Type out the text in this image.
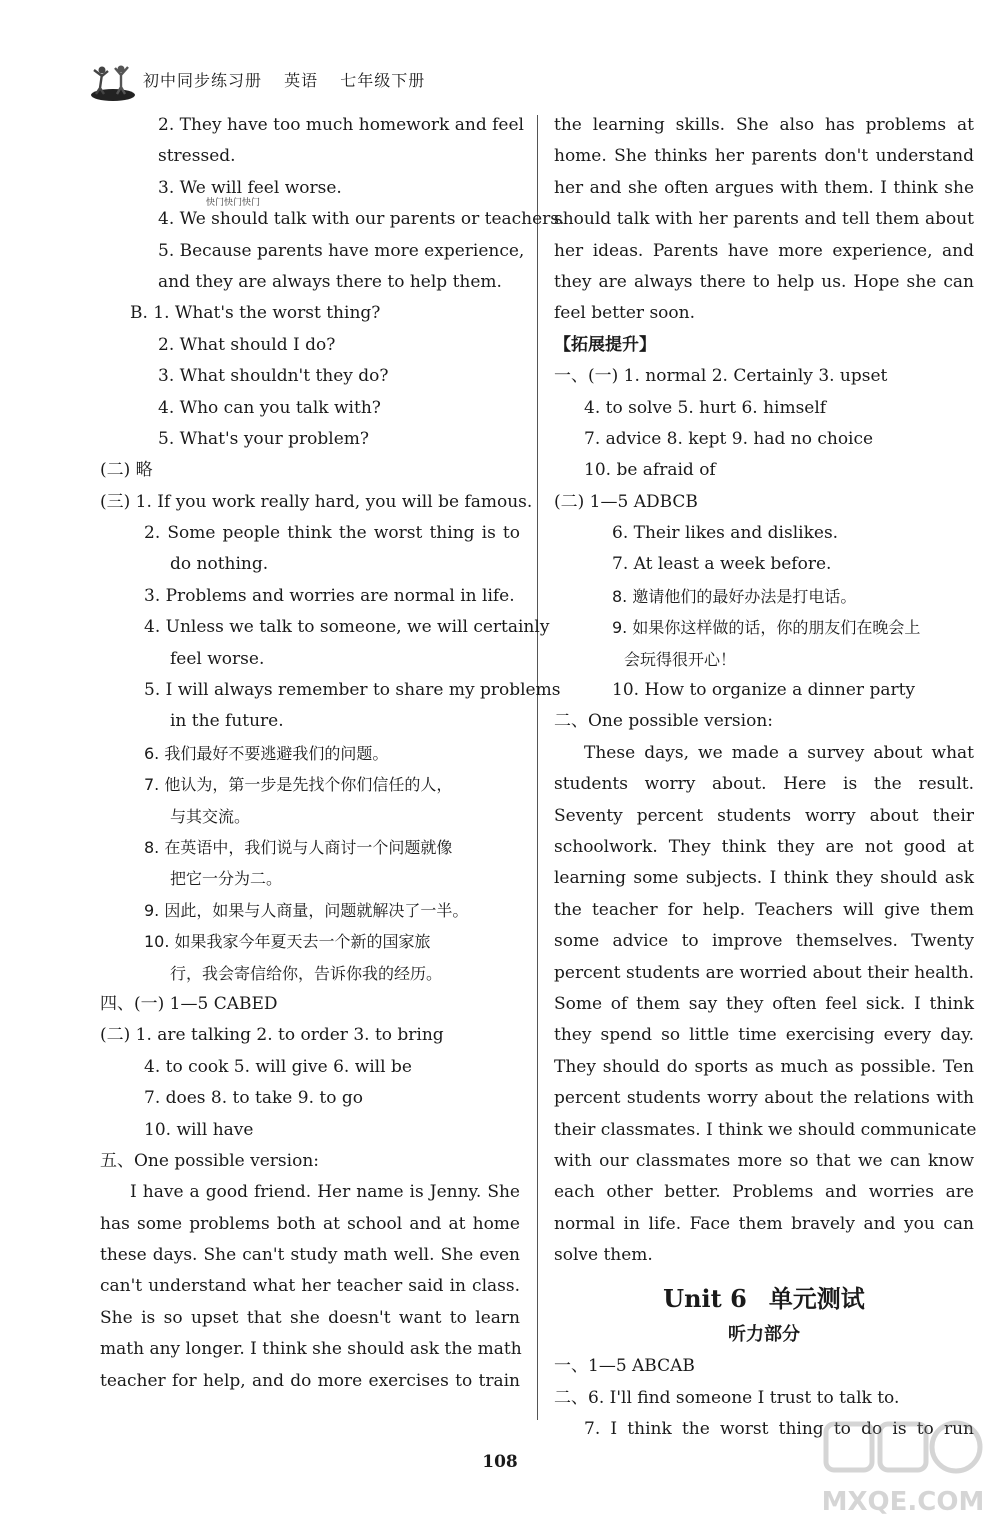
初中同步练习册 英语 七年级下册
2. They have too much homework and feel
stressed.
3. We will feel worse.
4. We should talk with our parents or teachers.
5. Because parents have more experience,
and they are always there to help them.
B. 1. What's the worst thing?
2. What should I do?
3. What shouldn't they do?
4. Who can you talk with?
5. What's your problem?
(二) 略
(三) 1. If you work really hard, you will be famous.
2. Some people think the worst thing is to
do nothing.
3. Problems and worries are normal in life.
4. Unless we talk to someone, we will certainly
feel worse.
5. I will always remember to share my problems
in the future.
6. 我们最好不要逃避我们的问题。
7. 他认为，第一步是先找个你们信任的人，
与其交流。
8. 在英语中，我们说与人商讨一个问题就像
把它一分为二。
9. 因此，如果与人商量，问题就解决了一半。
10. 如果我家今年夏天去一个新的国家旅
行，我会寄信给你，告诉你我的经历。
四、(一) 1—5 CABED
(二) 1. are talking 2. to order 3. to bring
4. to cook 5. will give 6. will be
7. does 8. to take 9. to go
10. will have
五、One possible version:
I have a good friend. Her name is Jenny. She
has some problems both at school and at home
these days. She can't study math well. She even
can't understand what her teacher said in class.
She is so upset that she doesn't want to learn
math any longer. I think she should ask the math
teacher for help, and do more exercises to train
快门快门快门
the learning skills. She also has problems at
home. She thinks her parents don't understand
her and she often argues with them. I think she
should talk with her parents and tell them about
her ideas. Parents have more experience, and
they are always there to help us. Hope she can
feel better soon.
【拓展提升】
一、(一) 1. normal 2. Certainly 3. upset
4. to solve 5. hurt 6. himself
7. advice 8. kept 9. had no choice
10. be afraid of
(二) 1—5 ADBCB
6. Their likes and dislikes.
7. At least a week before.
8. 邀请他们的最好办法是打电话。
9. 如果你这样做的话，你的朋友们在晚会上
会玩得很开心！
10. How to organize a dinner party
二、One possible version:
These days, we made a survey about what
students worry about. Here is the result.
Seventy percent students worry about their
schoolwork. They think they are not good at
learning some subjects. I think they should ask
the teacher for help. Teachers will give them
some advice to improve themselves. Twenty
percent students are worried about their health.
Some of them say they often feel sick. I think
they spend so little time exercising every day.
They should do sports as much as possible. Ten
percent students worry about the relations with
their classmates. I think we should communicate
with our classmates more so that we can know
each other better. Problems and worries are
normal in life. Face them bravely and you can
solve them.
Unit 6 单元测试
听力部分
一、1—5 ABCAB
二、6. I'll find someone I trust to talk to.
7. I think the worst thing to do is to run
108
MXQE.COM
